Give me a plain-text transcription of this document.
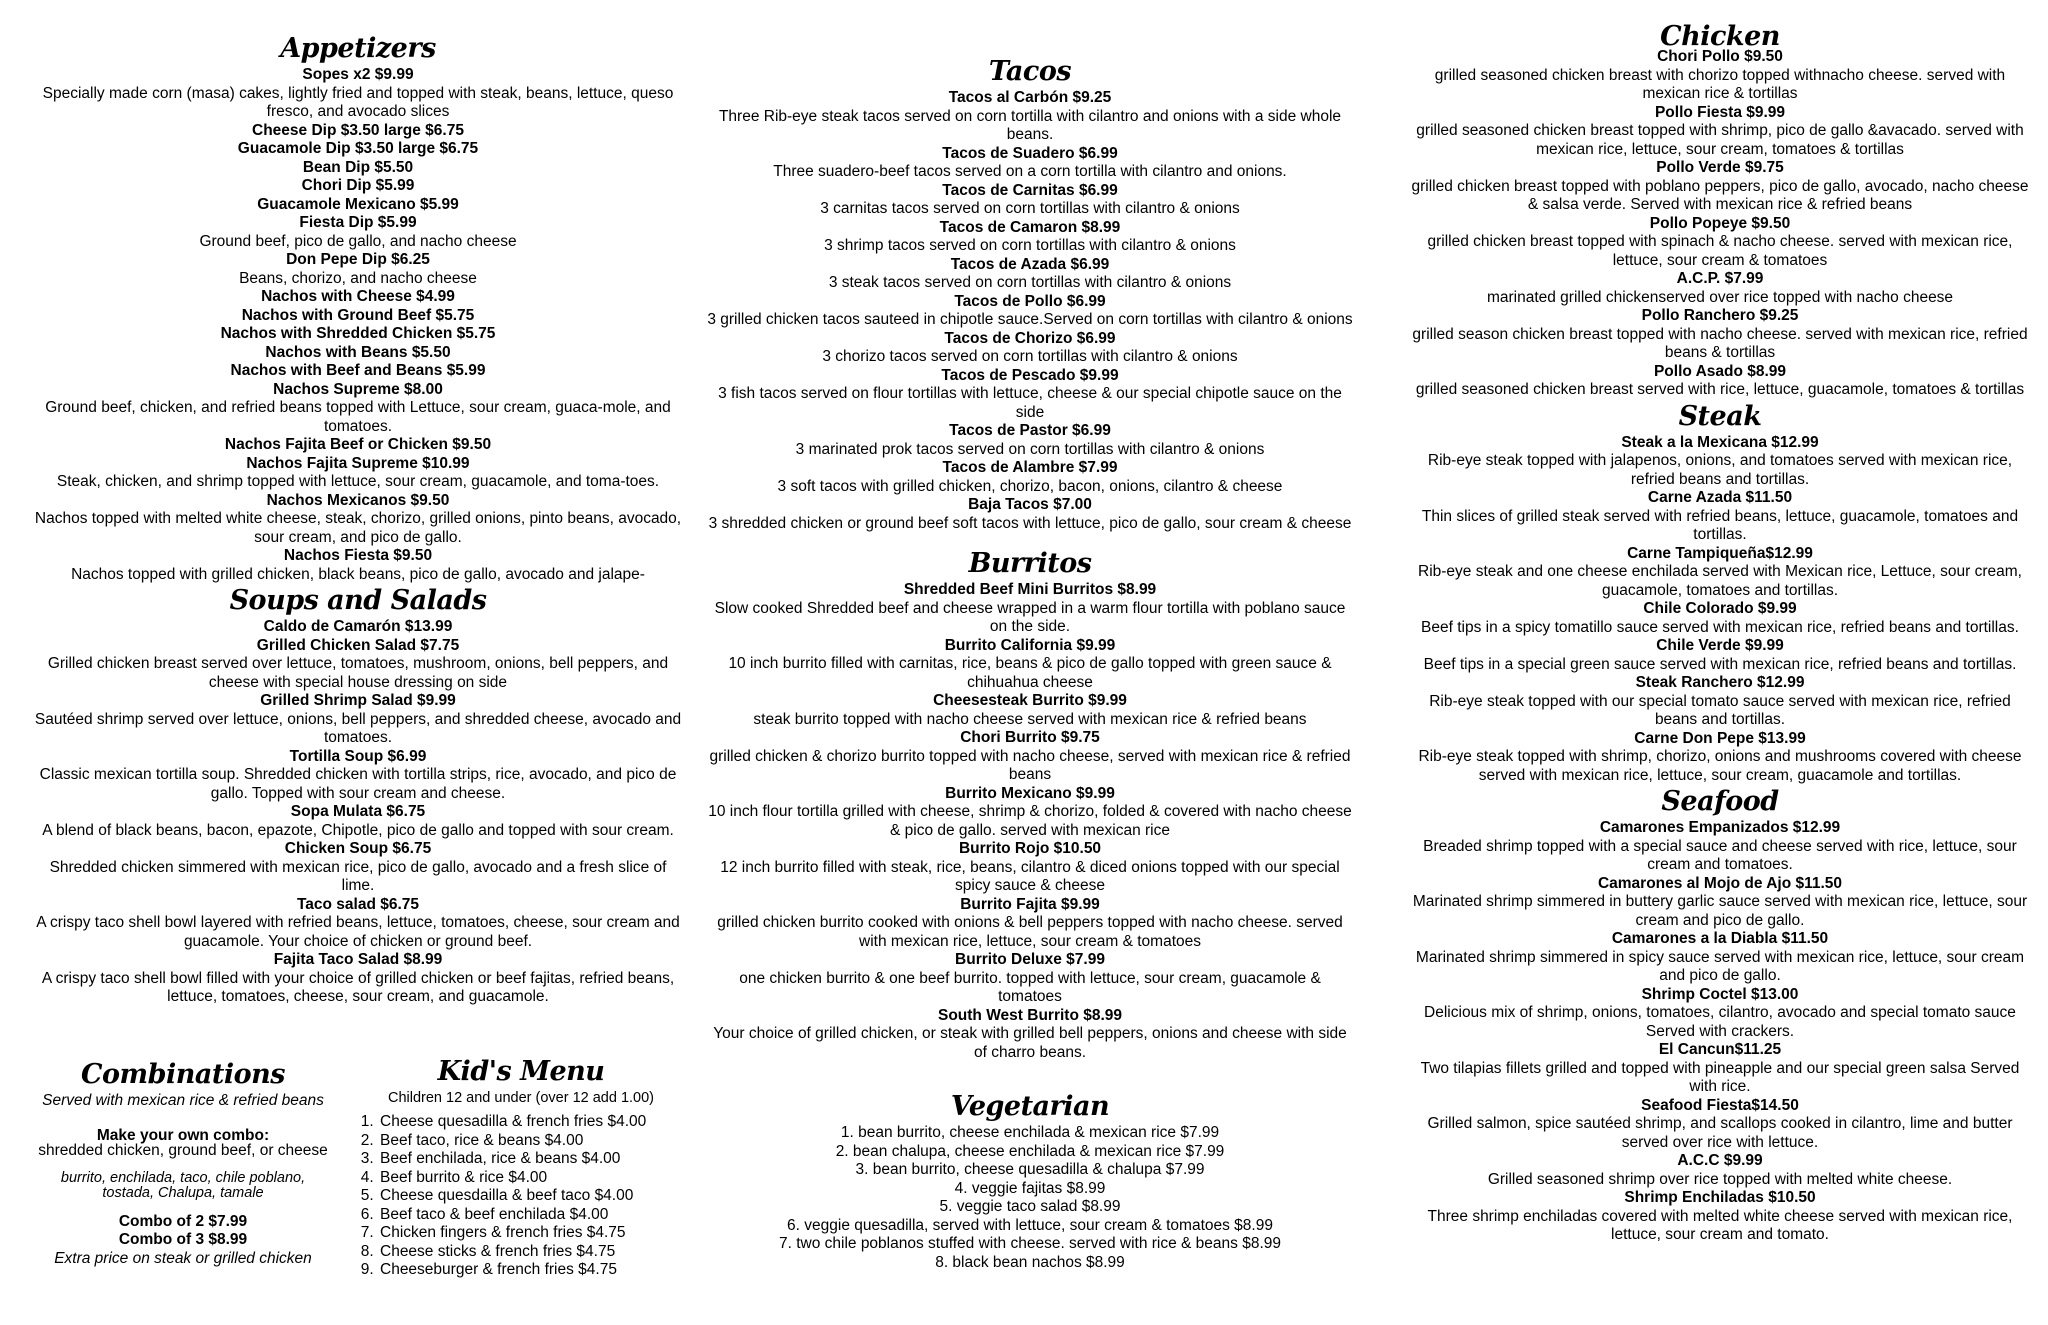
Appetizers
Sopes x2 $9.99
Specially made corn (masa) cakes, lightly fried and topped with steak, beans, lettuce, queso fresco, and avocado slices
Cheese Dip $3.50 large $6.75
Guacamole Dip $3.50 large $6.75
Bean Dip $5.50
Chori Dip $5.99
Guacamole Mexicano $5.99
Fiesta Dip $5.99
Ground beef, pico de gallo, and nacho cheese
Don Pepe Dip $6.25
Beans, chorizo, and nacho cheese
Nachos with Cheese $4.99
Nachos with Ground Beef $5.75
Nachos with Shredded Chicken $5.75
Nachos with Beans $5.50
Nachos with Beef and Beans $5.99
Nachos Supreme $8.00
Ground beef, chicken, and refried beans topped with Lettuce, sour cream, guaca-mole, and tomatoes.
Nachos Fajita Beef or Chicken $9.50
Nachos Fajita Supreme $10.99
Steak, chicken, and shrimp topped with lettuce, sour cream, guacamole, and toma-toes.
Nachos Mexicanos $9.50
Nachos topped with melted white cheese, steak, chorizo, grilled onions, pinto beans, avocado, sour cream, and pico de gallo.
Nachos Fiesta $9.50
Nachos topped with grilled chicken, black beans, pico de gallo, avocado and jalape-
Soups and Salads
Caldo de Camarón $13.99
Grilled Chicken Salad $7.75
Grilled chicken breast served over lettuce, tomatoes, mushroom, onions, bell peppers, and cheese with special house dressing on side
Grilled Shrimp Salad $9.99
Sautéed shrimp served over lettuce, onions, bell peppers, and shredded cheese, avocado and tomatoes.
Tortilla Soup $6.99
Classic mexican tortilla soup. Shredded chicken with tortilla strips, rice, avocado, and pico de gallo. Topped with sour cream and cheese.
Sopa Mulata $6.75
A blend of black beans, bacon, epazote, Chipotle, pico de gallo and topped with sour cream.
Chicken Soup $6.75
Shredded chicken simmered with mexican rice, pico de gallo, avocado and a fresh slice of lime.
Taco salad $6.75
A crispy taco shell bowl layered with refried beans, lettuce, tomatoes, cheese, sour cream and guacamole. Your choice of chicken or ground beef.
Fajita Taco Salad $8.99
A crispy taco shell bowl filled with your choice of grilled chicken or beef fajitas, refried beans, lettuce, tomatoes, cheese, sour cream, and guacamole.
Combinations
Served with mexican rice & refried beans
Make your own combo:
shredded chicken, ground beef, or cheese
burrito, enchilada, taco, chile poblano, tostada, Chalupa, tamale
Combo of 2 $7.99
Combo of 3 $8.99
Extra price on steak or grilled chicken
Kid's Menu
Children 12 and under (over 12 add 1.00)
1. Cheese quesadilla & french fries $4.00
2. Beef taco, rice & beans $4.00
3. Beef enchilada, rice & beans $4.00
4. Beef burrito & rice $4.00
5. Cheese quesdailla & beef taco $4.00
6. Beef taco & beef enchilada $4.00
7. Chicken fingers & french fries $4.75
8. Cheese sticks & french fries $4.75
9. Cheeseburger & french fries $4.75
Tacos
Tacos al Carbón $9.25
Three Rib-eye steak tacos served on corn tortilla with cilantro and onions with a side whole beans.
Tacos de Suadero $6.99
Three suadero-beef tacos served on a corn tortilla with cilantro and onions.
Tacos de Carnitas $6.99
3 carnitas tacos served on corn tortillas with cilantro & onions
Tacos de Camaron $8.99
3 shrimp tacos served on corn tortillas with cilantro & onions
Tacos de Azada $6.99
3 steak tacos served on corn tortillas with cilantro & onions
Tacos de Pollo $6.99
3 grilled chicken tacos sauteed in chipotle sauce.Served on corn tortillas with cilantro & onions
Tacos de Chorizo $6.99
3 chorizo tacos served on corn tortillas with cilantro & onions
Tacos de Pescado $9.99
3 fish tacos served on flour tortillas with lettuce, cheese & our special chipotle sauce on the side
Tacos de Pastor $6.99
3 marinated prok tacos served on corn tortillas with cilantro & onions
Tacos de Alambre $7.99
3 soft tacos with grilled chicken, chorizo, bacon, onions, cilantro & cheese
Baja Tacos $7.00
3 shredded chicken or ground beef soft tacos with lettuce, pico de gallo, sour cream & cheese
Burritos
Shredded Beef Mini Burritos $8.99
Slow cooked Shredded beef and cheese wrapped in a warm flour tortilla with poblano sauce on the side.
Burrito California $9.99
10 inch burrito filled with carnitas, rice, beans & pico de gallo topped with green sauce & chihuahua cheese
Cheesesteak Burrito $9.99
steak burrito topped with nacho cheese served with mexican rice & refried beans
Chori Burrito $9.75
grilled chicken & chorizo burrito topped with nacho cheese, served with mexican rice & refried beans
Burrito Mexicano $9.99
10 inch flour tortilla grilled with cheese, shrimp & chorizo, folded & covered with nacho cheese & pico de gallo. served with mexican rice
Burrito Rojo $10.50
12 inch burrito filled with steak, rice, beans, cilantro & diced onions topped with our special spicy sauce & cheese
Burrito Fajita $9.99
grilled chicken burrito cooked with onions & bell peppers topped with nacho cheese. served with mexican rice, lettuce, sour cream & tomatoes
Burrito Deluxe $7.99
one chicken burrito & one beef burrito. topped with lettuce, sour cream, guacamole & tomatoes
South West Burrito $8.99
Your choice of grilled chicken, or steak with grilled bell peppers, onions and cheese with side of charro beans.
Vegetarian
1. bean burrito, cheese enchilada & mexican rice $7.99
2. bean chalupa, cheese enchilada & mexican rice $7.99
3. bean burrito, cheese quesadilla & chalupa $7.99
4. veggie fajitas $8.99
5. veggie taco salad $8.99
6. veggie quesadilla, served with lettuce, sour cream & tomatoes $8.99
7. two chile poblanos stuffed with cheese. served with rice & beans $8.99
8. black bean nachos $8.99
Chicken
Chori Pollo $9.50
grilled seasoned chicken breast with chorizo topped withnacho cheese. served with mexican rice & tortillas
Pollo Fiesta $9.99
grilled seasoned chicken breast topped with shrimp, pico de gallo &avacado. served with mexican rice, lettuce, sour cream, tomatoes & tortillas
Pollo Verde $9.75
grilled chicken breast topped with poblano peppers, pico de gallo, avocado, nacho cheese & salsa verde. Served with mexican rice & refried beans
Pollo Popeye $9.50
grilled chicken breast topped with spinach & nacho cheese. served with mexican rice, lettuce, sour cream & tomatoes
A.C.P. $7.99
marinated grilled chickenserved over rice topped with nacho cheese
Pollo Ranchero $9.25
grilled season chicken breast topped with nacho cheese. served with mexican rice, refried beans & tortillas
Pollo Asado $8.99
grilled seasoned chicken breast served with rice, lettuce, guacamole, tomatoes & tortillas
Steak
Steak a la Mexicana $12.99
Rib-eye steak topped with jalapenos, onions, and tomatoes served with mexican rice, refried beans and tortillas.
Carne Azada $11.50
Thin slices of grilled steak served with refried beans, lettuce, guacamole, tomatoes and tortillas.
Carne Tampiqueña$12.99
Rib-eye steak and one cheese enchilada served with Mexican rice, Lettuce, sour cream, guacamole, tomatoes and tortillas.
Chile Colorado $9.99
Beef tips in a spicy tomatillo sauce served with mexican rice, refried beans and tortillas.
Chile Verde $9.99
Beef tips in a special green sauce served with mexican rice, refried beans and tortillas.
Steak Ranchero $12.99
Rib-eye steak topped with our special tomato sauce served with mexican rice, refried beans and tortillas.
Carne Don Pepe $13.99
Rib-eye steak topped with shrimp, chorizo, onions and mushrooms covered with cheese served with mexican rice, lettuce, sour cream, guacamole and tortillas.
Seafood
Camarones Empanizados $12.99
Breaded shrimp topped with a special sauce and cheese served with rice, lettuce, sour cream and tomatoes.
Camarones al Mojo de Ajo $11.50
Marinated shrimp simmered in buttery garlic sauce served with mexican rice, lettuce, sour cream and pico de gallo.
Camarones a la Diabla $11.50
Marinated shrimp simmered in spicy sauce served with mexican rice, lettuce, sour cream and pico de gallo.
Shrimp Coctel $13.00
Delicious mix of shrimp, onions, tomatoes, cilantro, avocado and special tomato sauce Served with crackers.
El Cancun$11.25
Two tilapias fillets grilled and topped with pineapple and our special green salsa Served with rice.
Seafood Fiesta$14.50
Grilled salmon, spice sautéed shrimp, and scallops cooked in cilantro, lime and butter served over rice with lettuce.
A.C.C $9.99
Grilled seasoned shrimp over rice topped with melted white cheese.
Shrimp Enchiladas $10.50
Three shrimp enchiladas covered with melted white cheese served with mexican rice, lettuce, sour cream and tomato.
